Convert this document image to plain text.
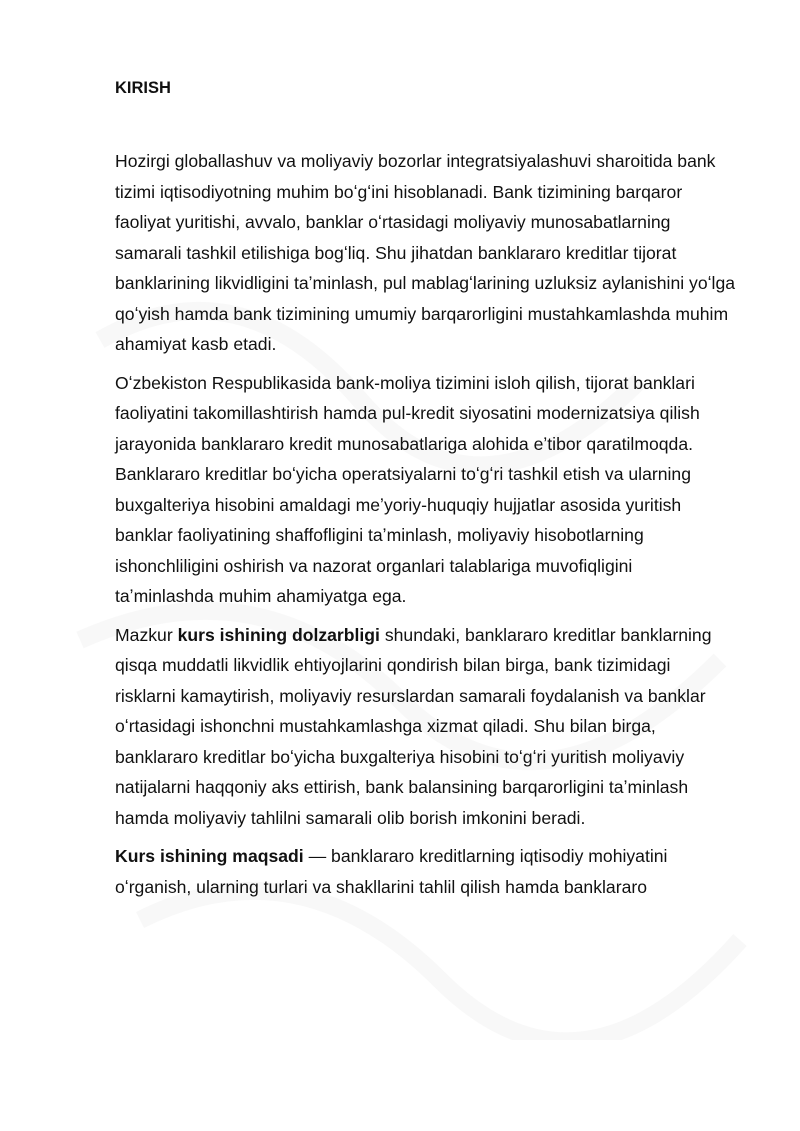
KIRISH

Hozirgi globallashuv va moliyaviy bozorlar integratsiyalashuvi sharoitida bank tizimi iqtisodiyotning muhim boʻgʻini hisoblanadi. Bank tizimining barqaror faoliyat yuritishi, avvalo, banklar oʻrtasidagi moliyaviy munosabatlarning samarali tashkil etilishiga bogʻliq. Shu jihatdan banklararo kreditlar tijorat banklarining likvidligini taʼminlash, pul mablagʻlarining uzluksiz aylanishini yoʻlga qoʻyish hamda bank tizimining umumiy barqarorligini mustahkamlashda muhim ahamiyat kasb etadi.

Oʻzbekiston Respublikasida bank-moliya tizimini isloh qilish, tijorat banklari faoliyatini takomillashtirish hamda pul-kredit siyosatini modernizatsiya qilish jarayonida banklararo kredit munosabatlariga alohida eʼtibor qaratilmoqda. Banklararo kreditlar boʻyicha operatsiyalarni toʻgʻri tashkil etish va ularning buxgalteriya hisobini amaldagi meʼyoriy-huquqiy hujjatlar asosida yuritish banklar faoliyatining shaffofligini taʼminlash, moliyaviy hisobotlarning ishonchliligini oshirish va nazorat organlari talablariga muvofiqligini taʼminlashda muhim ahamiyatga ega.

Mazkur kurs ishining dolzarbligi shundaki, banklararo kreditlar banklarning qisqa muddatli likvidlik ehtiyojlarini qondirish bilan birga, bank tizimidagi risklarni kamaytirish, moliyaviy resurslardan samarali foydalanish va banklar oʻrtasidagi ishonchni mustahkamlashga xizmat qiladi. Shu bilan birga, banklararo kreditlar boʻyicha buxgalteriya hisobini toʻgʻri yuritish moliyaviy natijalarni haqqoniy aks ettirish, bank balansining barqarorligini taʼminlash hamda moliyaviy tahlilni samarali olib borish imkonini beradi.

Kurs ishining maqsadi — banklararo kreditlarning iqtisodiy mohiyatini oʻrganish, ularning turlari va shakllarini tahlil qilish hamda banklararo
